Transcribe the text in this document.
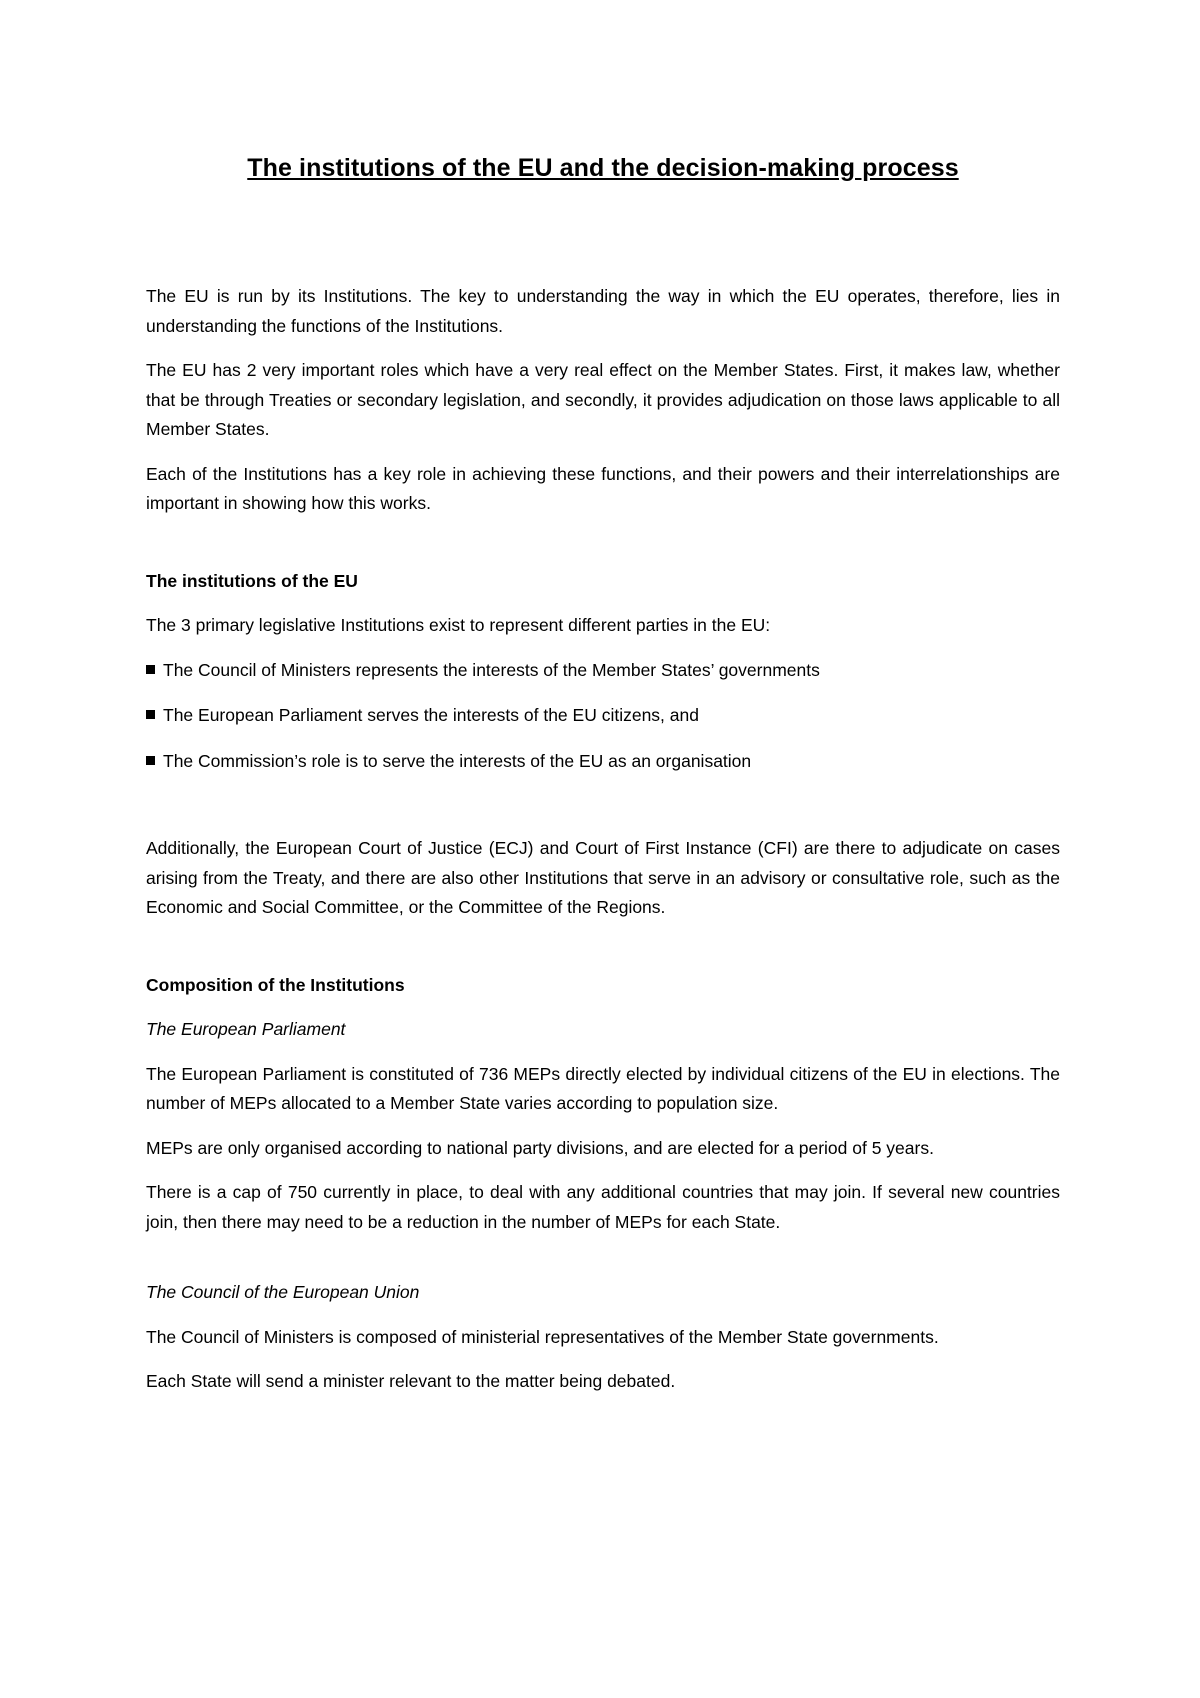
The institutions of the EU and the decision-making process

The EU is run by its Institutions. The key to understanding the way in which the EU operates, therefore, lies in understanding the functions of the Institutions.

The EU has 2 very important roles which have a very real effect on the Member States. First, it makes law, whether that be through Treaties or secondary legislation, and secondly, it provides adjudication on those laws applicable to all Member States.

Each of the Institutions has a key role in achieving these functions, and their powers and their interrelationships are important in showing how this works.

The institutions of the EU

The 3 primary legislative Institutions exist to represent different parties in the EU:

The Council of Ministers represents the interests of the Member States’ governments
The European Parliament serves the interests of the EU citizens, and
The Commission’s role is to serve the interests of the EU as an organisation

Additionally, the European Court of Justice (ECJ) and Court of First Instance (CFI) are there to adjudicate on cases arising from the Treaty, and there are also other Institutions that serve in an advisory or consultative role, such as the Economic and Social Committee, or the Committee of the Regions.

Composition of the Institutions

The European Parliament

The European Parliament is constituted of 736 MEPs directly elected by individual citizens of the EU in elections. The number of MEPs allocated to a Member State varies according to population size.

MEPs are only organised according to national party divisions, and are elected for a period of 5 years.

There is a cap of 750 currently in place, to deal with any additional countries that may join. If several new countries join, then there may need to be a reduction in the number of MEPs for each State.

The Council of the European Union

The Council of Ministers is composed of ministerial representatives of the Member State governments.

Each State will send a minister relevant to the matter being debated.
